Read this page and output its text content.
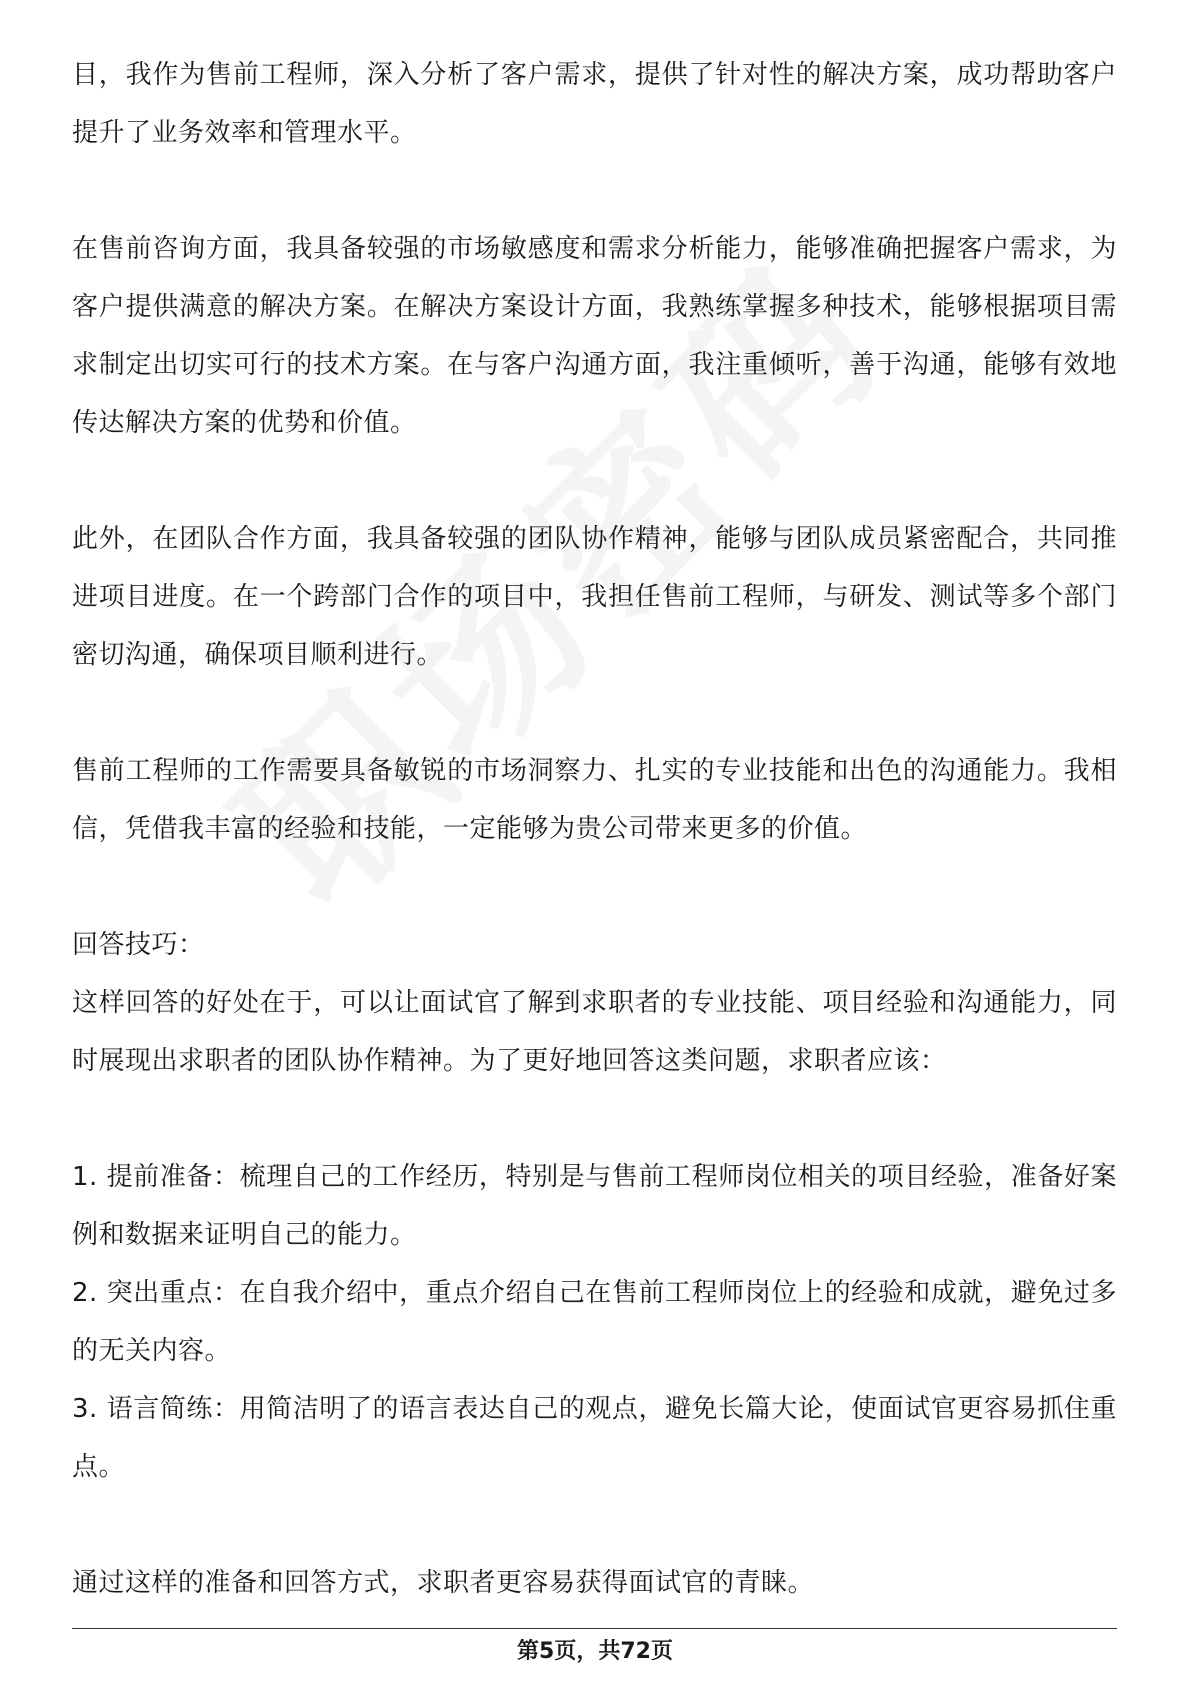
目，我作为售前工程师，深入分析了客户需求，提供了针对性的解决方案，成功帮助客户提升了业务效率和管理水平。

在售前咨询方面，我具备较强的市场敏感度和需求分析能力，能够准确把握客户需求，为客户提供满意的解决方案。在解决方案设计方面，我熟练掌握多种技术，能够根据项目需求制定出切实可行的技术方案。在与客户沟通方面，我注重倾听，善于沟通，能够有效地传达解决方案的优势和价值。

此外，在团队合作方面，我具备较强的团队协作精神，能够与团队成员紧密配合，共同推进项目进度。在一个跨部门合作的项目中，我担任售前工程师，与研发、测试等多个部门密切沟通，确保项目顺利进行。

售前工程师的工作需要具备敏锐的市场洞察力、扎实的专业技能和出色的沟通能力。我相信，凭借我丰富的经验和技能，一定能够为贵公司带来更多的价值。

回答技巧：

这样回答的好处在于，可以让面试官了解到求职者的专业技能、项目经验和沟通能力，同时展现出求职者的团队协作精神。为了更好地回答这类问题，求职者应该：

1. 提前准备：梳理自己的工作经历，特别是与售前工程师岗位相关的项目经验，准备好案例和数据来证明自己的能力。

2. 突出重点：在自我介绍中，重点介绍自己在售前工程师岗位上的经验和成就，避免过多的无关内容。

3. 语言简练：用简洁明了的语言表达自己的观点，避免长篇大论，使面试官更容易抓住重点。

通过这样的准备和回答方式，求职者更容易获得面试官的青睐。

第5页，共72页
